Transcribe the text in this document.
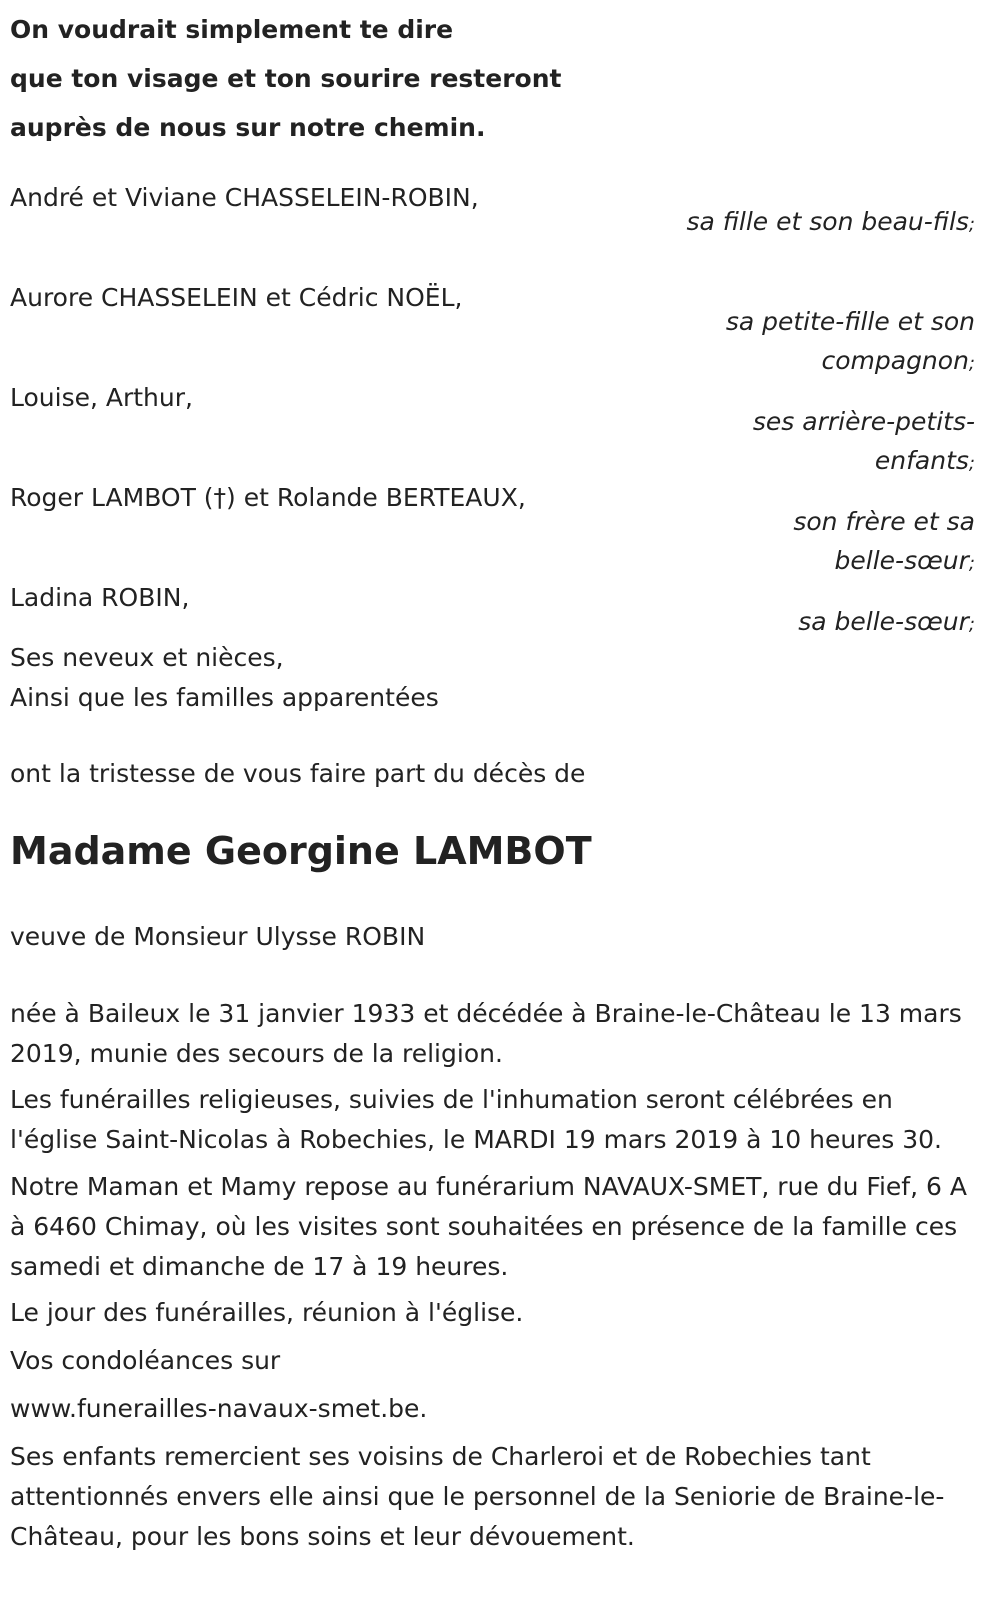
On voudrait simplement te dire
que ton visage et ton sourire resteront
auprès de nous sur notre chemin.
André et Viviane CHASSELEIN-ROBIN,
sa fille et son beau-fils;
Aurore CHASSELEIN et Cédric NOËL,
sa petite-fille et son compagnon;
Louise, Arthur,
ses arrière-petits-enfants;
Roger LAMBOT (†) et Rolande BERTEAUX,
son frère et sa belle-sœur;
Ladina ROBIN,
sa belle-sœur;
Ses neveux et nièces,
Ainsi que les familles apparentées
ont la tristesse de vous faire part du décès de
Madame Georgine LAMBOT
veuve de Monsieur Ulysse ROBIN
née à Baileux le 31 janvier 1933 et décédée à Braine-le-Château le 13 mars 2019, munie des secours de la religion.
Les funérailles religieuses, suivies de l'inhumation seront célébrées en l'église Saint-Nicolas à Robechies, le MARDI 19 mars 2019 à 10 heures 30.
Notre Maman et Mamy repose au funérarium NAVAUX-SMET, rue du Fief, 6 A à 6460 Chimay, où les visites sont souhaitées en présence de la famille ces samedi et dimanche de 17 à 19 heures.
Le jour des funérailles, réunion à l'église.
Vos condoléances sur
www.funerailles-navaux-smet.be.
Ses enfants remercient ses voisins de Charleroi et de Robechies tant attentionnés envers elle ainsi que le personnel de la Seniorie de Braine-le-Château, pour les bons soins et leur dévouement.
